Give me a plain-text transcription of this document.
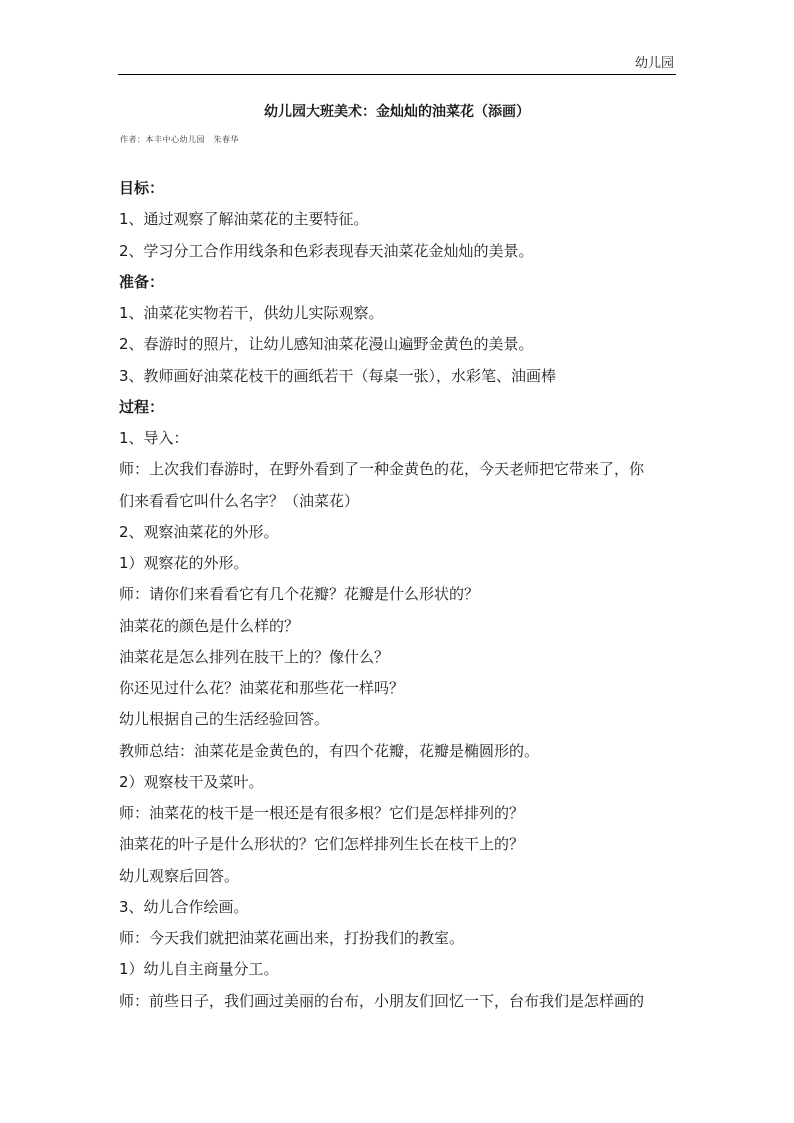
幼儿园
幼儿园大班美术：金灿灿的油菜花（添画）
作者：本丰中心幼儿园　朱春华
目标：
1、通过观察了解油菜花的主要特征。
2、学习分工合作用线条和色彩表现春天油菜花金灿灿的美景。
准备：
1、油菜花实物若干，供幼儿实际观察。
2、春游时的照片，让幼儿感知油菜花漫山遍野金黄色的美景。
3、教师画好油菜花枝干的画纸若干（每桌一张），水彩笔、油画棒
过程：
1、导入：
师：上次我们春游时，在野外看到了一种金黄色的花，今天老师把它带来了，你
们来看看它叫什么名字？（油菜花）
2、观察油菜花的外形。
1）观察花的外形。
师：请你们来看看它有几个花瓣？花瓣是什么形状的？
油菜花的颜色是什么样的？
油菜花是怎么排列在肢干上的？像什么？
你还见过什么花？油菜花和那些花一样吗？
幼儿根据自己的生活经验回答。
教师总结：油菜花是金黄色的，有四个花瓣，花瓣是椭圆形的。
2）观察枝干及菜叶。
师：油菜花的枝干是一根还是有很多根？它们是怎样排列的？
油菜花的叶子是什么形状的？它们怎样排列生长在枝干上的？
幼儿观察后回答。
3、幼儿合作绘画。
师：今天我们就把油菜花画出来，打扮我们的教室。
1）幼儿自主商量分工。
师：前些日子，我们画过美丽的台布，小朋友们回忆一下，台布我们是怎样画的
